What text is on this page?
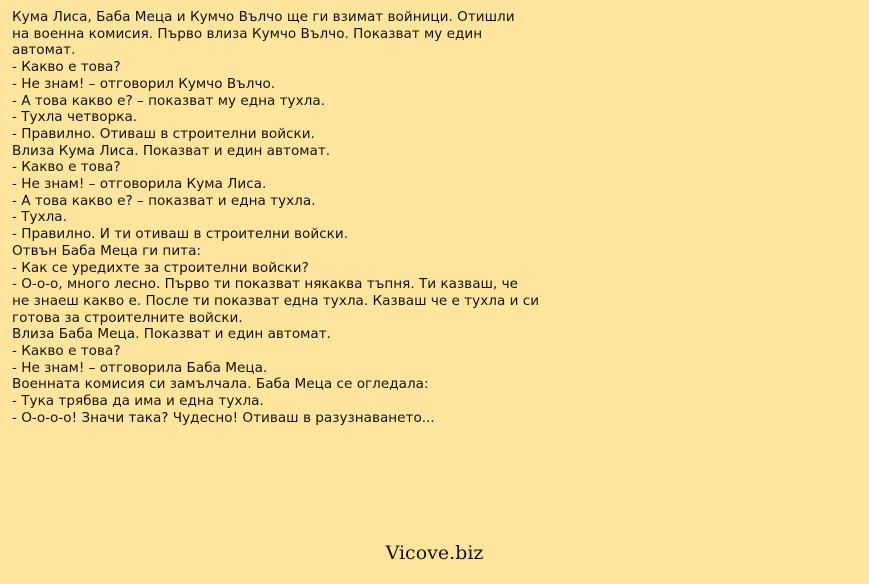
Кума Лиса, Баба Меца и Кумчо Вълчо ще ги взимат войници. Отишли
на военна комисия. Първо влиза Кумчо Вълчо. Показват му един
автомат.
- Какво е това?
- Не знам! – отговорил Кумчо Вълчо.
- А това какво е? – показват му една тухла.
- Тухла четворка.
- Правилно. Отиваш в строителни войски.
Влиза Кума Лиса. Показват и един автомат.
- Какво е това?
- Не знам! – отговорила Кума Лиса.
- А това какво е? – показват и една тухла.
- Тухла.
- Правилно. И ти отиваш в строителни войски.
Отвън Баба Меца ги пита:
- Как се уредихте за строителни войски?
- О-о-о, много лесно. Първо ти показват някаква тъпня. Ти казваш, че
не знаеш какво е. После ти показват една тухла. Казваш че е тухла и си
готова за строителните войски.
Влиза Баба Меца. Показват и един автомат.
- Какво е това?
- Не знам! – отговорила Баба Меца.
Военната комисия си замълчала. Баба Меца се огледала:
- Тука трябва да има и една тухла.
- О-о-о-о! Значи така? Чудесно! Отиваш в разузнаването...
Vicove.biz
